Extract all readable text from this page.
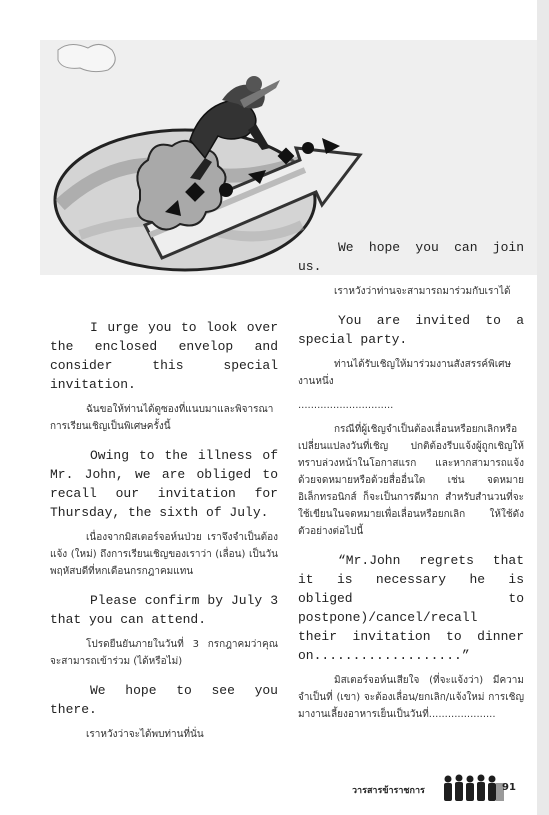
I urge you to look over the enclosed envelop and consider this special invitation.

ฉันขอให้ท่านได้ดูซองที่แนบมาและพิจารณาการเรียนเชิญเป็นพิเศษครั้งนี้

Owing to the illness of Mr. John, we are obliged to recall our invitation for Thursday, the sixth of July.

เนื่องจากมิสเตอร์จอห์นป่วย เราจึงจำเป็นต้องแจ้ง (ใหม่) ถึงการเรียนเชิญของเราว่า (เลื่อน) เป็นวันพฤหัสบดีที่หกเดือนกรกฎาคมแทน

Please confirm by July 3 that you can attend.

โปรดยืนยันภายในวันที่ 3 กรกฎาคมว่าคุณจะสามารถเข้าร่วม (ได้หรือไม่)

We hope to see you there.

เราหวังว่าจะได้พบท่านที่นั่น

We hope you can join us.

เราหวังว่าท่านจะสามารถมาร่วมกับเราได้

You are invited to a special party.

ท่านได้รับเชิญให้มาร่วมงานสังสรรค์พิเศษงานหนึ่ง

..............................

กรณีที่ผู้เชิญจำเป็นต้องเลื่อนหรือยกเลิกหรือเปลี่ยนแปลงวันที่เชิญ ปกติต้องรีบแจ้งผู้ถูกเชิญให้ทราบล่วงหน้าในโอกาสแรก และหากสามารถแจ้งด้วยจดหมายหรือด้วยสื่ออื่นใด เช่น จดหมายอิเล็กทรอนิกส์ ก็จะเป็นการดีมาก สำหรับสำนวนที่จะใช้เขียนในจดหมายเพื่อเลื่อนหรือยกเลิก ให้ใช้ดังตัวอย่างต่อไปนี้

“Mr.John regrets that it is necessary he is obliged to postpone)/cancel/recall their invitation to dinner on...................”

มิสเตอร์จอห์นเสียใจ (ที่จะแจ้งว่า) มีความจำเป็นที่ (เขา) จะต้องเลื่อน/ยกเลิก/แจ้งใหม่ การเชิญมางานเลี้ยงอาหารเย็นเป็นวันที่.....................

วารสารข้าราชการ	91
